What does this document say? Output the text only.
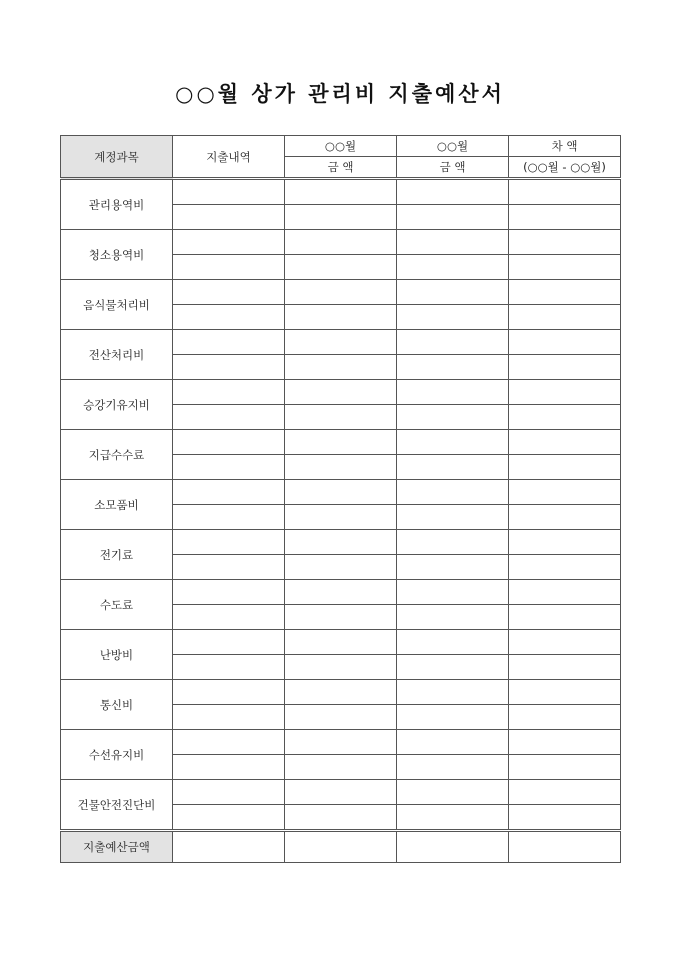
○○월 상가 관리비 지출예산서
계정과목	지출내역	○○월	○○월	차 액
		금 액	금 액	(○○월 - ○○월)
관리용역비				

청소용역비				

음식물처리비				

전산처리비				

승강기유지비				

지급수수료				

소모품비				

전기료				

수도료				

난방비				

통신비				

수선유지비				

건물안전진단비				

지출예산금액				
